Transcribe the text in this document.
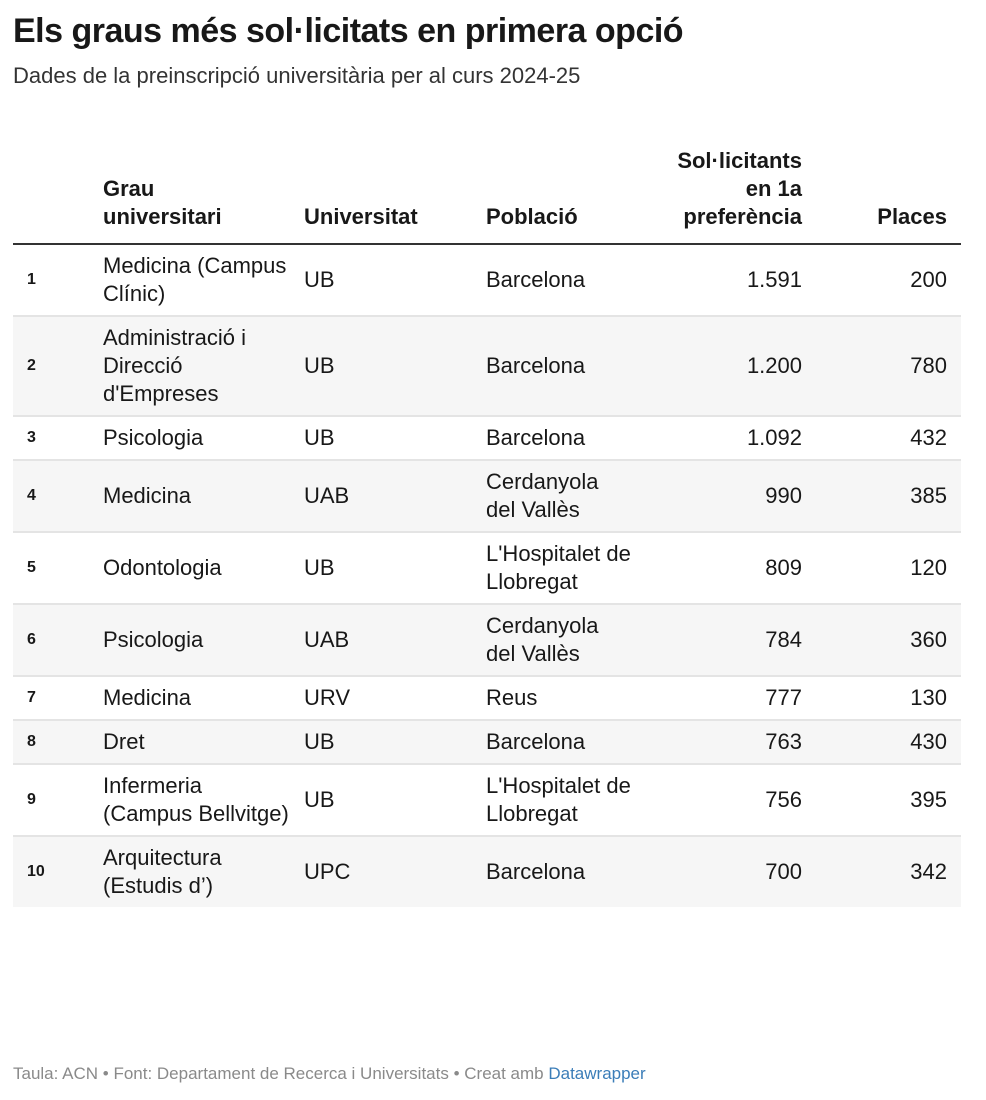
Els graus més sol·licitats en primera opció

Dades de la preinscripció universitària per al curs 2024-25

	Grau universitari	Universitat	Població	Sol·licitants en 1a preferència	Places
1	Medicina (Campus Clínic)	UB	Barcelona	1.591	200
2	Administració i Direcció d'Empreses	UB	Barcelona	1.200	780
3	Psicologia	UB	Barcelona	1.092	432
4	Medicina	UAB	Cerdanyola del Vallès	990	385
5	Odontologia	UB	L'Hospitalet de Llobregat	809	120
6	Psicologia	UAB	Cerdanyola del Vallès	784	360
7	Medicina	URV	Reus	777	130
8	Dret	UB	Barcelona	763	430
9	Infermeria (Campus Bellvitge)	UB	L'Hospitalet de Llobregat	756	395
10	Arquitectura (Estudis d’)	UPC	Barcelona	700	342
Taula: ACN • Font: Departament de Recerca i Universitats • Creat amb Datawrapper
